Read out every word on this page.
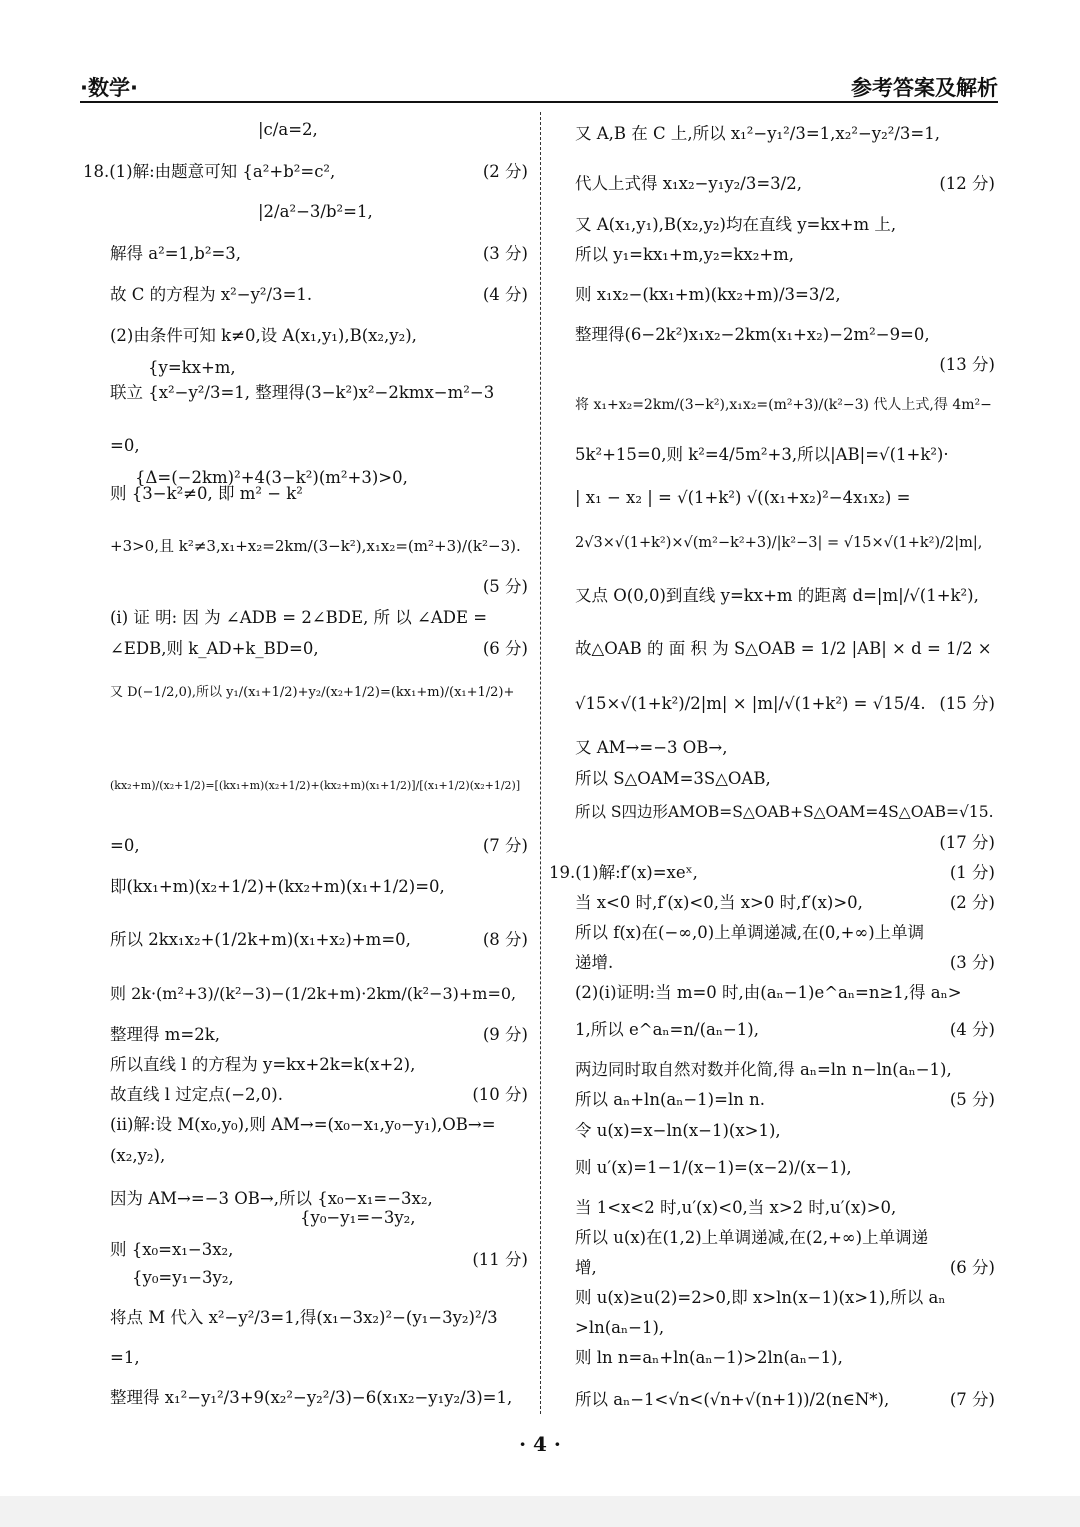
·数学·	参考答案及解析
|c/a=2,
18.(1)解:由题意可知 {a²+b²=c²,
|2/a²−3/b²=1,
解得 a²=1,b²=3,
故 C 的方程为 x²−y²/3=1.
(2)由条件可知 k≠0,设 A(x₁,y₁),B(x₂,y₂),
{y=kx+m,
联立 {x²−y²/3=1, 整理得(3−k²)x²−2kmx−m²−3
=0,
{Δ=(−2km)²+4(3−k²)(m²+3)>0,
则 {3−k²≠0, 即 m² − k²
+3>0,且 k²≠3,x₁+x₂=2km/(3−k²),x₁x₂=(m²+3)/(k²−3).
(i) 证 明: 因 为 ∠ADB = 2∠BDE, 所 以 ∠ADE =
∠EDB,则 k_AD+k_BD=0,
又 D(−1/2,0),所以 y₁/(x₁+1/2)+y₂/(x₂+1/2)=(kx₁+m)/(x₁+1/2)+
(kx₂+m)/(x₂+1/2)=[(kx₁+m)(x₂+1/2)+(kx₂+m)(x₁+1/2)]/[(x₁+1/2)(x₂+1/2)]
=0,
即(kx₁+m)(x₂+1/2)+(kx₂+m)(x₁+1/2)=0,
所以 2kx₁x₂+(1/2k+m)(x₁+x₂)+m=0,
则 2k·(m²+3)/(k²−3)−(1/2k+m)·2km/(k²−3)+m=0,
整理得 m=2k,
所以直线 l 的方程为 y=kx+2k=k(x+2),
故直线 l 过定点(−2,0).
(ii)解:设 M(x₀,y₀),则 AM→=(x₀−x₁,y₀−y₁),OB→=
(x₂,y₂),
因为 AM→=−3 OB→,所以 {x₀−x₁=−3x₂,
{y₀−y₁=−3y₂,
则 {x₀=x₁−3x₂,
{y₀=y₁−3y₂,
将点 M 代入 x²−y²/3=1,得(x₁−3x₂)²−(y₁−3y₂)²/3
=1,
整理得 x₁²−y₁²/3+9(x₂²−y₂²/3)−6(x₁x₂−y₁y₂/3)=1,
(2 分)
(3 分)
(4 分)
(5 分)
(6 分)
(7 分)
(8 分)
(9 分)
(10 分)
(11 分)
又 A,B 在 C 上,所以 x₁²−y₁²/3=1,x₂²−y₂²/3=1,
代人上式得 x₁x₂−y₁y₂/3=3/2,
又 A(x₁,y₁),B(x₂,y₂)均在直线 y=kx+m 上,
所以 y₁=kx₁+m,y₂=kx₂+m,
则 x₁x₂−(kx₁+m)(kx₂+m)/3=3/2,
整理得(6−2k²)x₁x₂−2km(x₁+x₂)−2m²−9=0,
将 x₁+x₂=2km/(3−k²),x₁x₂=(m²+3)/(k²−3) 代人上式,得 4m²−
5k²+15=0,则 k²=4/5m²+3,所以|AB|=√(1+k²)·
| x₁ − x₂ | = √(1+k²) √((x₁+x₂)²−4x₁x₂) =
2√3×√(1+k²)×√(m²−k²+3)/|k²−3| = √15×√(1+k²)/2|m|,
又点 O(0,0)到直线 y=kx+m 的距离 d=|m|/√(1+k²),
故△OAB 的 面 积 为 S△OAB = 1/2 |AB| × d = 1/2 ×
√15×√(1+k²)/2|m| × |m|/√(1+k²) = √15/4.
又 AM→=−3 OB→,
所以 S△OAM=3S△OAB,
所以 S四边形AMOB=S△OAB+S△OAM=4S△OAB=√15.
19.(1)解:f′(x)=xeˣ,
当 x<0 时,f′(x)<0,当 x>0 时,f′(x)>0,
所以 f(x)在(−∞,0)上单调递减,在(0,+∞)上单调
递增.
(2)(i)证明:当 m=0 时,由(aₙ−1)e^aₙ=n≥1,得 aₙ>
1,所以 e^aₙ=n/(aₙ−1),
两边同时取自然对数并化简,得 aₙ=ln n−ln(aₙ−1),
所以 aₙ+ln(aₙ−1)=ln n.
令 u(x)=x−ln(x−1)(x>1),
则 u′(x)=1−1/(x−1)=(x−2)/(x−1),
当 1<x<2 时,u′(x)<0,当 x>2 时,u′(x)>0,
所以 u(x)在(1,2)上单调递减,在(2,+∞)上单调递
增,
则 u(x)≥u(2)=2>0,即 x>ln(x−1)(x>1),所以 aₙ
>ln(aₙ−1),
则 ln n=aₙ+ln(aₙ−1)>2ln(aₙ−1),
所以 aₙ−1<√n<(√n+√(n+1))/2(n∈N*),
(12 分)
(13 分)
(15 分)
(17 分)
(1 分)
(2 分)
(3 分)
(4 分)
(5 分)
(6 分)
(7 分)
· 4 ·
